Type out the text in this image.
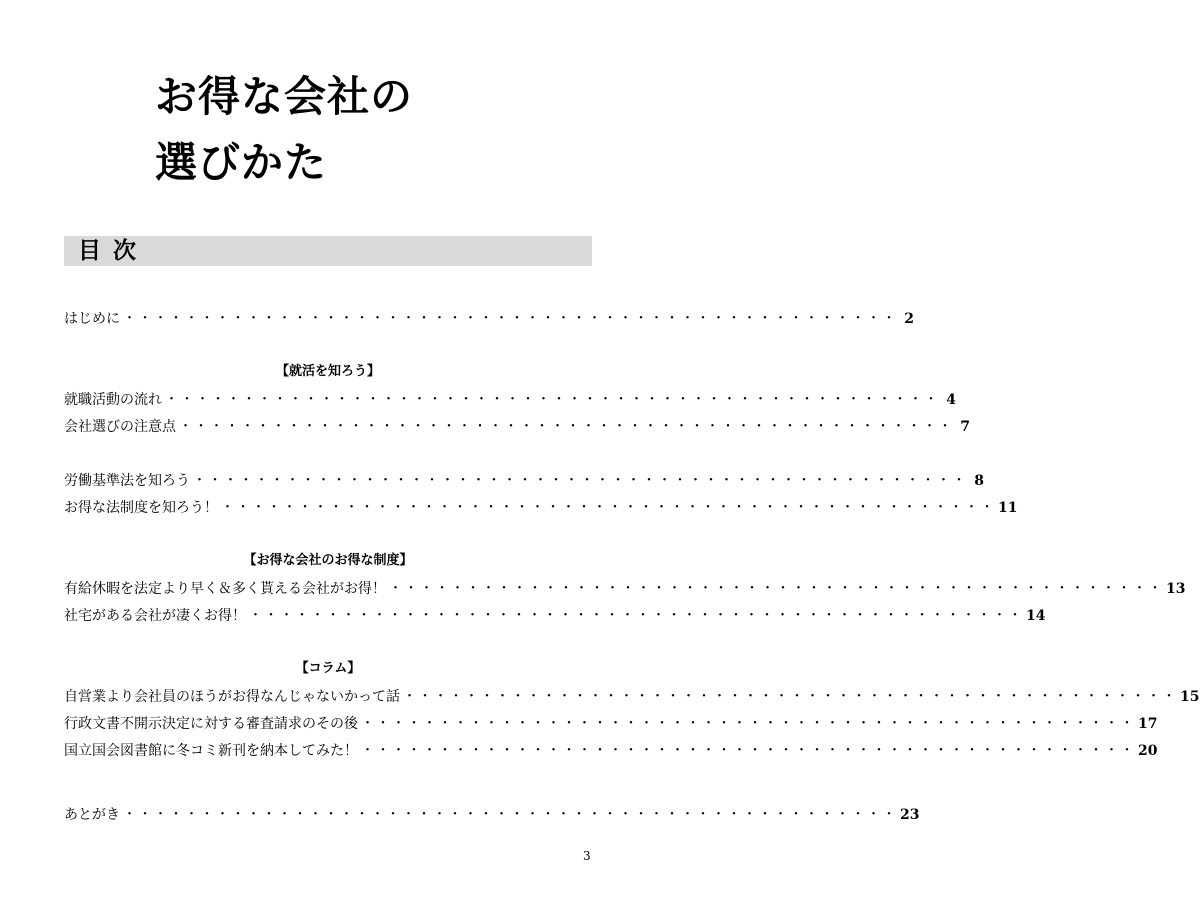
お得な会社の
選びかた
目次
はじめに ・・・・・・・・・・・・・・・・・・・・・・・・・・・・・・・・・・・・・・・・・・・・・・・・・・ 2
【就活を知ろう】
就職活動の流れ ・・・・・・・・・・・・・・・・・・・・・・・・・・・・・・・・・・・・・・・・・・・・・・・・・・ 4
会社選びの注意点 ・・・・・・・・・・・・・・・・・・・・・・・・・・・・・・・・・・・・・・・・・・・・・・・・・・ 7
労働基準法を知ろう ・・・・・・・・・・・・・・・・・・・・・・・・・・・・・・・・・・・・・・・・・・・・・・・・・・ 8
お得な法制度を知ろう！ ・・・・・・・・・・・・・・・・・・・・・・・・・・・・・・・・・・・・・・・・・・・・・・・・・・ 11
【お得な会社のお得な制度】
有給休暇を法定より早く＆多く貰える会社がお得！ ・・・・・・・・・・・・・・・・・・・・・・・・・・・・・・・・・・・・・・・・・・・・・・・・・・ 13
社宅がある会社が凄くお得！ ・・・・・・・・・・・・・・・・・・・・・・・・・・・・・・・・・・・・・・・・・・・・・・・・・・ 14
【コラム】
自営業より会社員のほうがお得なんじゃないかって話 ・・・・・・・・・・・・・・・・・・・・・・・・・・・・・・・・・・・・・・・・・・・・・・・・・・ 15
行政文書不開示決定に対する審査請求のその後 ・・・・・・・・・・・・・・・・・・・・・・・・・・・・・・・・・・・・・・・・・・・・・・・・・・ 17
国立国会図書館に冬コミ新刊を納本してみた！ ・・・・・・・・・・・・・・・・・・・・・・・・・・・・・・・・・・・・・・・・・・・・・・・・・・ 20
あとがき ・・・・・・・・・・・・・・・・・・・・・・・・・・・・・・・・・・・・・・・・・・・・・・・・・・ 23
3
